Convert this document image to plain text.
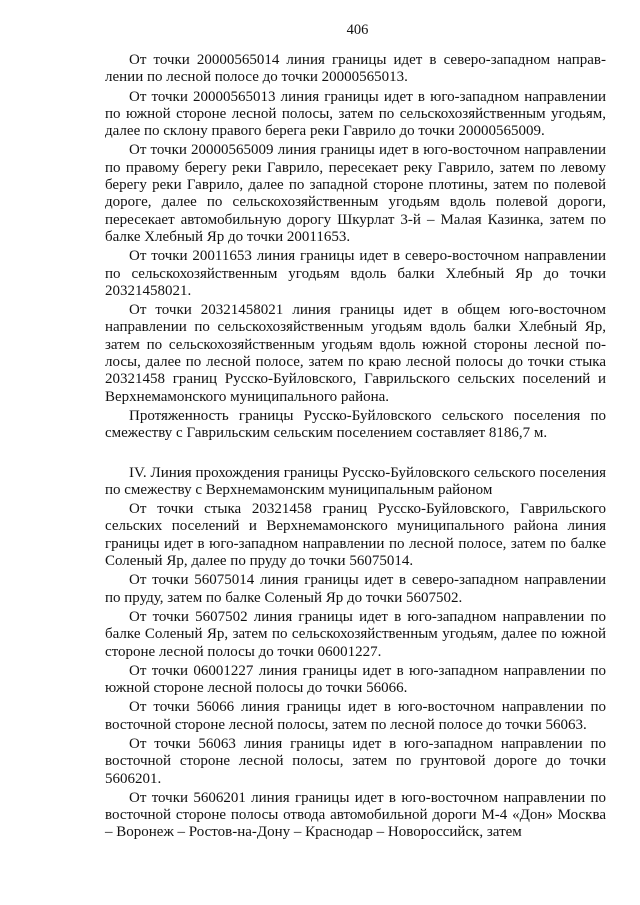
406

От точки 20000565014 линия границы идет в северо-западном направлении по лесной полосе до точки 20000565013.

От точки 20000565013 линия границы идет в юго-западном направлении по южной стороне лесной полосы, затем по сельскохозяйственным угодьям, далее по склону правого берега реки Гаврило до точки 20000565009.

От точки 20000565009 линия границы идет в юго-восточном направлении по правому берегу реки Гаврило, пересекает реку Гаврило, затем по левому берегу реки Гаврило, далее по западной стороне плотины, затем по полевой дороге, далее по сельскохозяйственным угодьям вдоль полевой дороги, пересекает автомобильную дорогу Шкурлат 3-й – Малая Казинка, затем по балке Хлебный Яр до точки 20011653.

От точки 20011653 линия границы идет в северо-восточном направлении по сельскохозяйственным угодьям вдоль балки Хлебный Яр до точки 20321458021.

От точки 20321458021 линия границы идет в общем юго-восточном направлении по сельскохозяйственным угодьям вдоль балки Хлебный Яр, затем по сельскохозяйственным угодьям вдоль южной стороны лесной полосы, далее по лесной полосе, затем по краю лесной полосы до точки стыка 20321458 границ Русско-Буйловского, Гаврильского сельских поселений и Верхнемамонского муниципального района.

Протяженность границы Русско-Буйловского сельского поселения по смежеству с Гаврильским сельским поселением составляет 8186,7 м.

IV. Линия прохождения границы Русско-Буйловского сельского поселения по смежеству с Верхнемамонским муниципальным районом

От точки стыка 20321458 границ Русско-Буйловского, Гаврильского сельских поселений и Верхнемамонского муниципального района линия границы идет в юго-западном направлении по лесной полосе, затем по балке Соленый Яр, далее по пруду до точки 56075014.

От точки 56075014 линия границы идет в северо-западном направлении по пруду, затем по балке Соленый Яр до точки 5607502.

От точки 5607502 линия границы идет в юго-западном направлении по балке Соленый Яр, затем по сельскохозяйственным угодьям, далее по южной стороне лесной полосы до точки 06001227.

От точки 06001227 линия границы идет в юго-западном направлении по южной стороне лесной полосы до точки 56066.

От точки 56066 линия границы идет в юго-восточном направлении по восточной стороне лесной полосы, затем по лесной полосе до точки 56063.

От точки 56063 линия границы идет в юго-западном направлении по восточной стороне лесной полосы, затем по грунтовой дороге до точки 5606201.

От точки 5606201 линия границы идет в юго-восточном направлении по восточной стороне полосы отвода автомобильной дороги М-4 «Дон» Москва – Воронеж – Ростов-на-Дону – Краснодар – Новороссийск, затем
